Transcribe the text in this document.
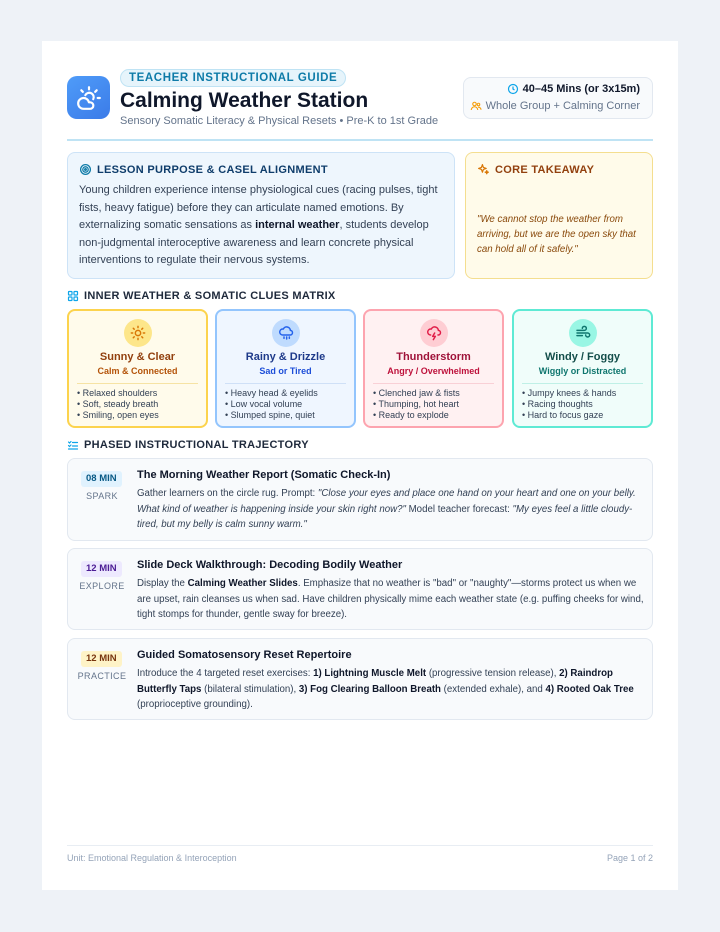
TEACHER INSTRUCTIONAL GUIDE
Calming Weather Station
Sensory Somatic Literacy & Physical Resets • Pre-K to 1st Grade
40–45 Mins (or 3x15m)
Whole Group + Calming Corner
LESSON PURPOSE & CASEL ALIGNMENT

Young children experience intense physiological cues (racing pulses, tight fists, heavy fatigue) before they can articulate named emotions. By externalizing somatic sensations as internal weather, students develop non-judgmental interoceptive awareness and learn concrete physical interventions to regulate their nervous systems.

CORE TAKEAWAY

"We cannot stop the weather from arriving, but we are the open sky that can hold all of it safely."

INNER WEATHER & SOMATIC CLUES MATRIX
Sunny & Clear
Calm & Connected
• Relaxed shoulders
• Soft, steady breath
• Smiling, open eyes
Rainy & Drizzle
Sad or Tired
• Heavy head & eyelids
• Low vocal volume
• Slumped spine, quiet
Thunderstorm
Angry / Overwhelmed
• Clenched jaw & fists
• Thumping, hot heart
• Ready to explode
Windy / Foggy
Wiggly or Distracted
• Jumpy knees & hands
• Racing thoughts
• Hard to focus gaze
PHASED INSTRUCTIONAL TRAJECTORY
08 MIN
SPARK
The Morning Weather Report (Somatic Check-In)
Gather learners on the circle rug. Prompt: "Close your eyes and place one hand on your heart and one on your belly. What kind of weather is happening inside your skin right now?" Model teacher forecast: "My eyes feel a little cloudy-tired, but my belly is calm sunny warm."
12 MIN
EXPLORE
Slide Deck Walkthrough: Decoding Bodily Weather
Display the Calming Weather Slides. Emphasize that no weather is "bad" or "naughty"—storms protect us when we are upset, rain cleanses us when sad. Have children physically mime each weather state (e.g. puffing cheeks for wind, tight stomps for thunder, gentle sway for breeze).
12 MIN
PRACTICE
Guided Somatosensory Reset Repertoire
Introduce the 4 targeted reset exercises: 1) Lightning Muscle Melt (progressive tension release), 2) Raindrop Butterfly Taps (bilateral stimulation), 3) Fog Clearing Balloon Breath (extended exhale), and 4) Rooted Oak Tree (proprioceptive grounding).
Unit: Emotional Regulation & Interoception	Page 1 of 2
